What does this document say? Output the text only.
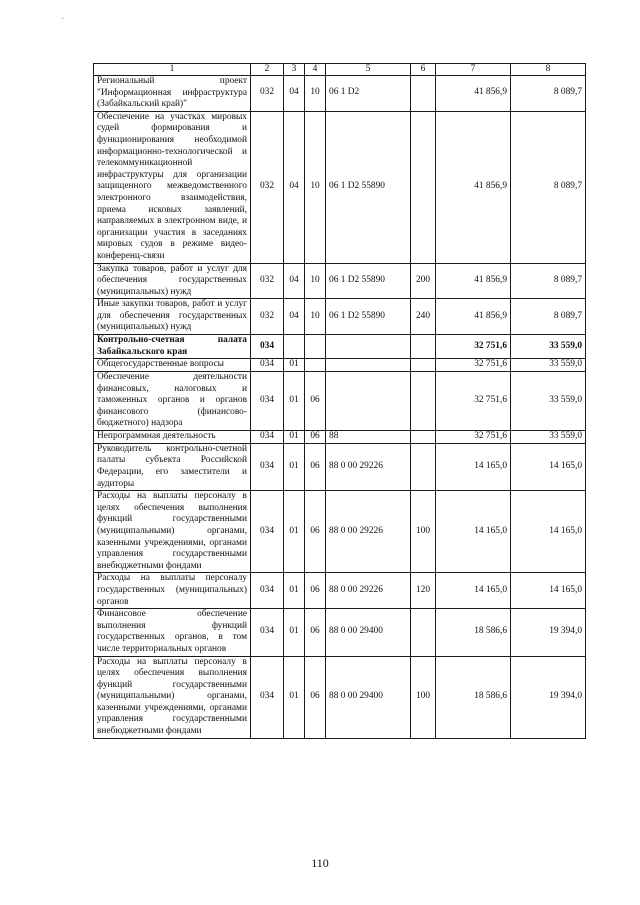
'
1	2	3	4	5	6	7	8
Региональный проект "Информационная инфраструктура (Забайкальский край)"	032	04	10	06 1 D2		41 856,9	8 089,7
Обеспечение на участках мировых судей формирования и функционирования необходимой информационно-технологической и телекоммуникационной инфраструктуры для организации защищенного межведомственного электронного взаимодействия, приема исковых заявлений, направляемых в электронном виде, и организации участия в заседаниях мировых судов в режиме видео-конференц-связи	032	04	10	06 1 D2 55890		41 856,9	8 089,7
Закупка товаров, работ и услуг для обеспечения государственных (муниципальных) нужд	032	04	10	06 1 D2 55890	200	41 856,9	8 089,7
Иные закупки товаров, работ и услуг для обеспечения государственных (муниципальных) нужд	032	04	10	06 1 D2 55890	240	41 856,9	8 089,7
Контрольно-счетная палата Забайкальского края	034					32 751,6	33 559,0
Общегосударственные вопросы	034	01				32 751,6	33 559,0
Обеспечение деятельности финансовых, налоговых и таможенных органов и органов финансового (финансово-бюджетного) надзора	034	01	06			32 751,6	33 559,0
Непрограммная деятельность	034	01	06	88		32 751,6	33 559,0
Руководитель контрольно-счетной палаты субъекта Российской Федерации, его заместители и аудиторы	034	01	06	88 0 00 29226		14 165,0	14 165,0
Расходы на выплаты персоналу в целях обеспечения выполнения функций государственными (муниципальными) органами, казенными учреждениями, органами управления государственными внебюджетными фондами	034	01	06	88 0 00 29226	100	14 165,0	14 165,0
Расходы на выплаты персоналу государственных (муниципальных) органов	034	01	06	88 0 00 29226	120	14 165,0	14 165,0
Финансовое обеспечение выполнения функций государственных органов, в том числе территориальных органов	034	01	06	88 0 00 29400		18 586,6	19 394,0
Расходы на выплаты персоналу в целях обеспечения выполнения функций государственными (муниципальными) органами, казенными учреждениями, органами управления государственными внебюджетными фондами	034	01	06	88 0 00 29400	100	18 586,6	19 394,0
110
